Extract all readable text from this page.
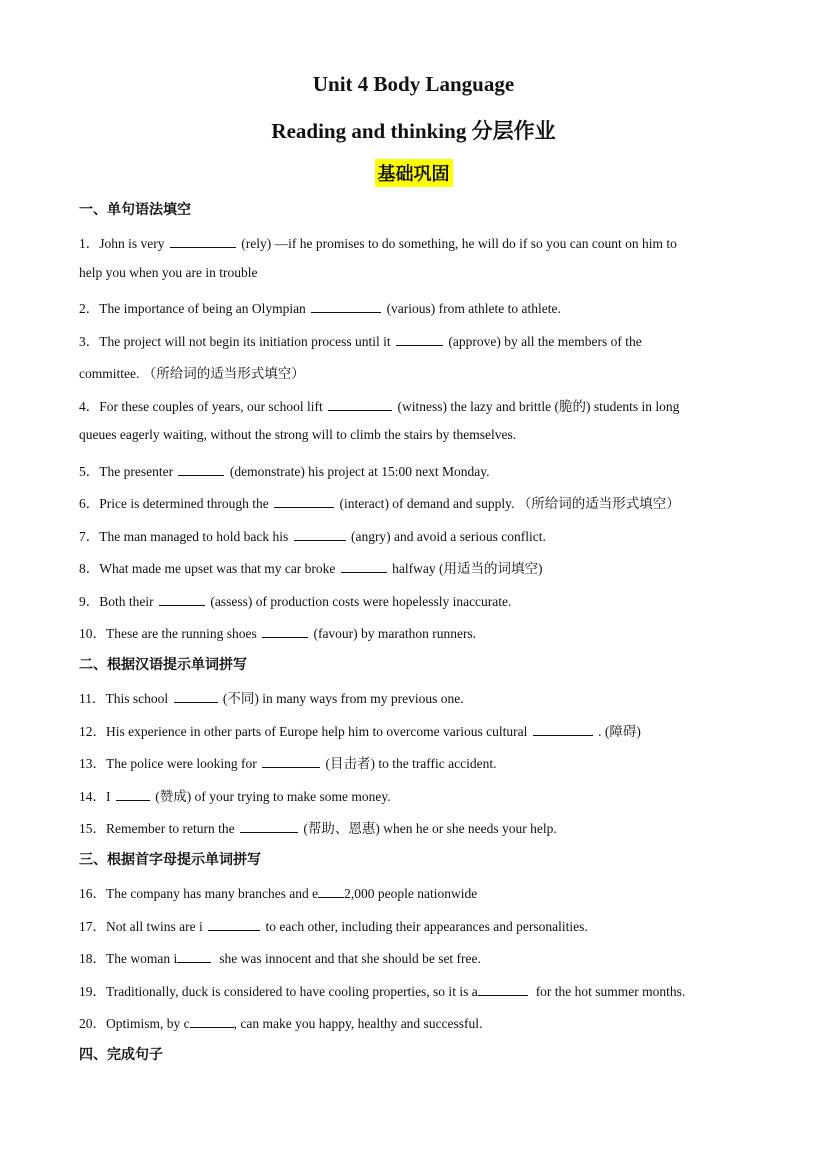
Unit 4 Body Language
Reading and thinking 分层作业
基础巩固
一、单句语法填空
1．John is very	(rely) —if he promises to do something, he will do if so you can count on him to
help you when you are in trouble
2．The importance of being an Olympian	(various) from athlete to athlete.
3．The project will not begin its initiation process until it	(approve) by all the members of the
committee. （所给词的适当形式填空）
4．For these couples of years, our school lift	(witness) the lazy and brittle (脆的) students in long
queues eagerly waiting, without the strong will to climb the stairs by themselves.
5．The presenter	(demonstrate) his project at 15:00 next Monday.
6．Price is determined through the	(interact) of demand and supply. （所给词的适当形式填空）
7．The man managed to hold back his	(angry) and avoid a serious conflict.
8．What made me upset was that my car broke	halfway (用适当的词填空)
9．Both their	(assess) of production costs were hopelessly inaccurate.
10．These are the running shoes	(favour) by marathon runners.
二、根据汉语提示单词拼写
11．This school	(不同) in many ways from my previous one.
12．His experience in other parts of Europe help him to overcome various cultural	. (障碍)
13．The police were looking for	(目击者) to the traffic accident.
14．I	(赞成) of your trying to make some money.
15．Remember to return the	(帮助、恩惠) when he or she needs your help.
三、根据首字母提示单词拼写
16．The company has many branches and e 2,000 people nationwide
17．Not all twins are i	to each other, including their appearances and personalities.
18．The woman i	she was innocent and that she should be set free.
19．Traditionally, duck is considered to have cooling properties, so it is a	for the hot summer months.
20．Optimism, by c	, can make you happy, healthy and successful.
四、完成句子
